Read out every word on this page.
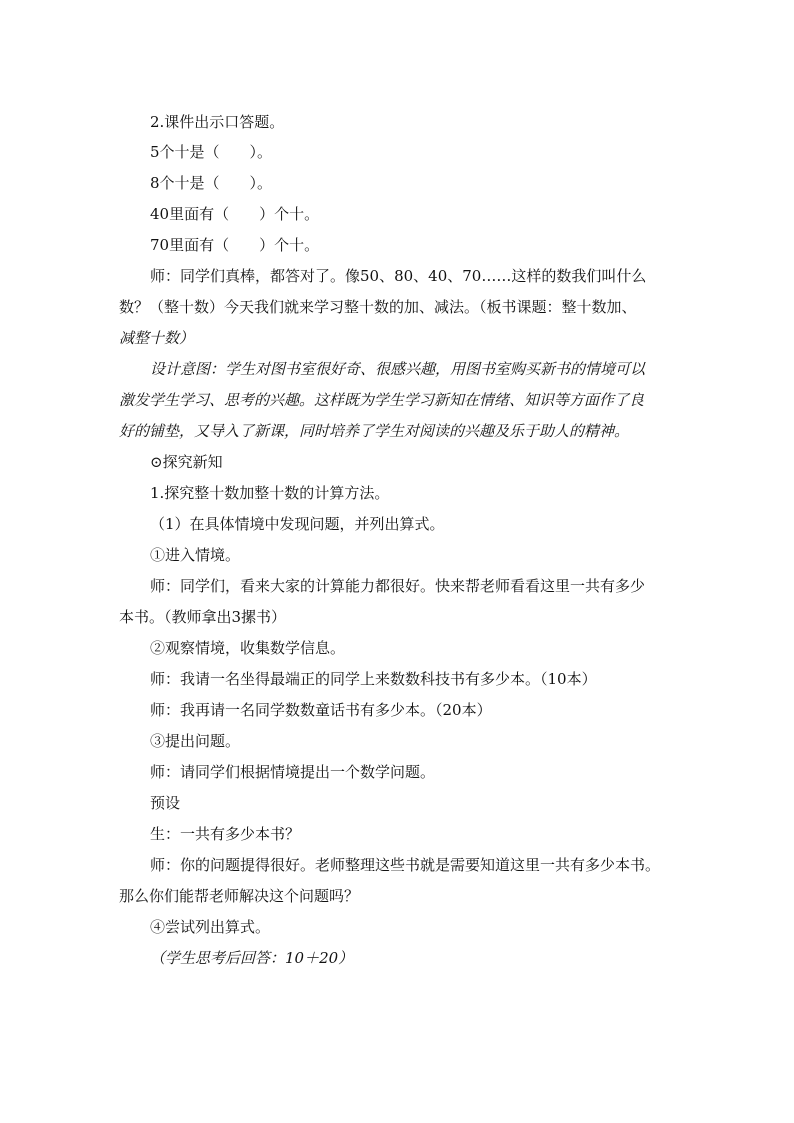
2.课件出示口答题。
5个十是（　　）。
8个十是（　　）。
40里面有（　　）个十。
70里面有（　　）个十。
师：同学们真棒，都答对了。像50、80、40、70……这样的数我们叫什么
数？（整十数）今天我们就来学习整十数的加、减法。（板书课题：整十数加、
减整十数）
设计意图：学生对图书室很好奇、很感兴趣，用图书室购买新书的情境可以
激发学生学习、思考的兴趣。这样既为学生学习新知在情绪、知识等方面作了良
好的铺垫，又导入了新课，同时培养了学生对阅读的兴趣及乐于助人的精神。
⊙探究新知
1.探究整十数加整十数的计算方法。
（1）在具体情境中发现问题，并列出算式。
①进入情境。
师：同学们，看来大家的计算能力都很好。快来帮老师看看这里一共有多少
本书。（教师拿出3摞书）
②观察情境，收集数学信息。
师：我请一名坐得最端正的同学上来数数科技书有多少本。（10本）
师：我再请一名同学数数童话书有多少本。（20本）
③提出问题。
师：请同学们根据情境提出一个数学问题。
预设
生：一共有多少本书？
师：你的问题提得很好。老师整理这些书就是需要知道这里一共有多少本书。
那么你们能帮老师解决这个问题吗？
④尝试列出算式。
（学生思考后回答：10＋20）
